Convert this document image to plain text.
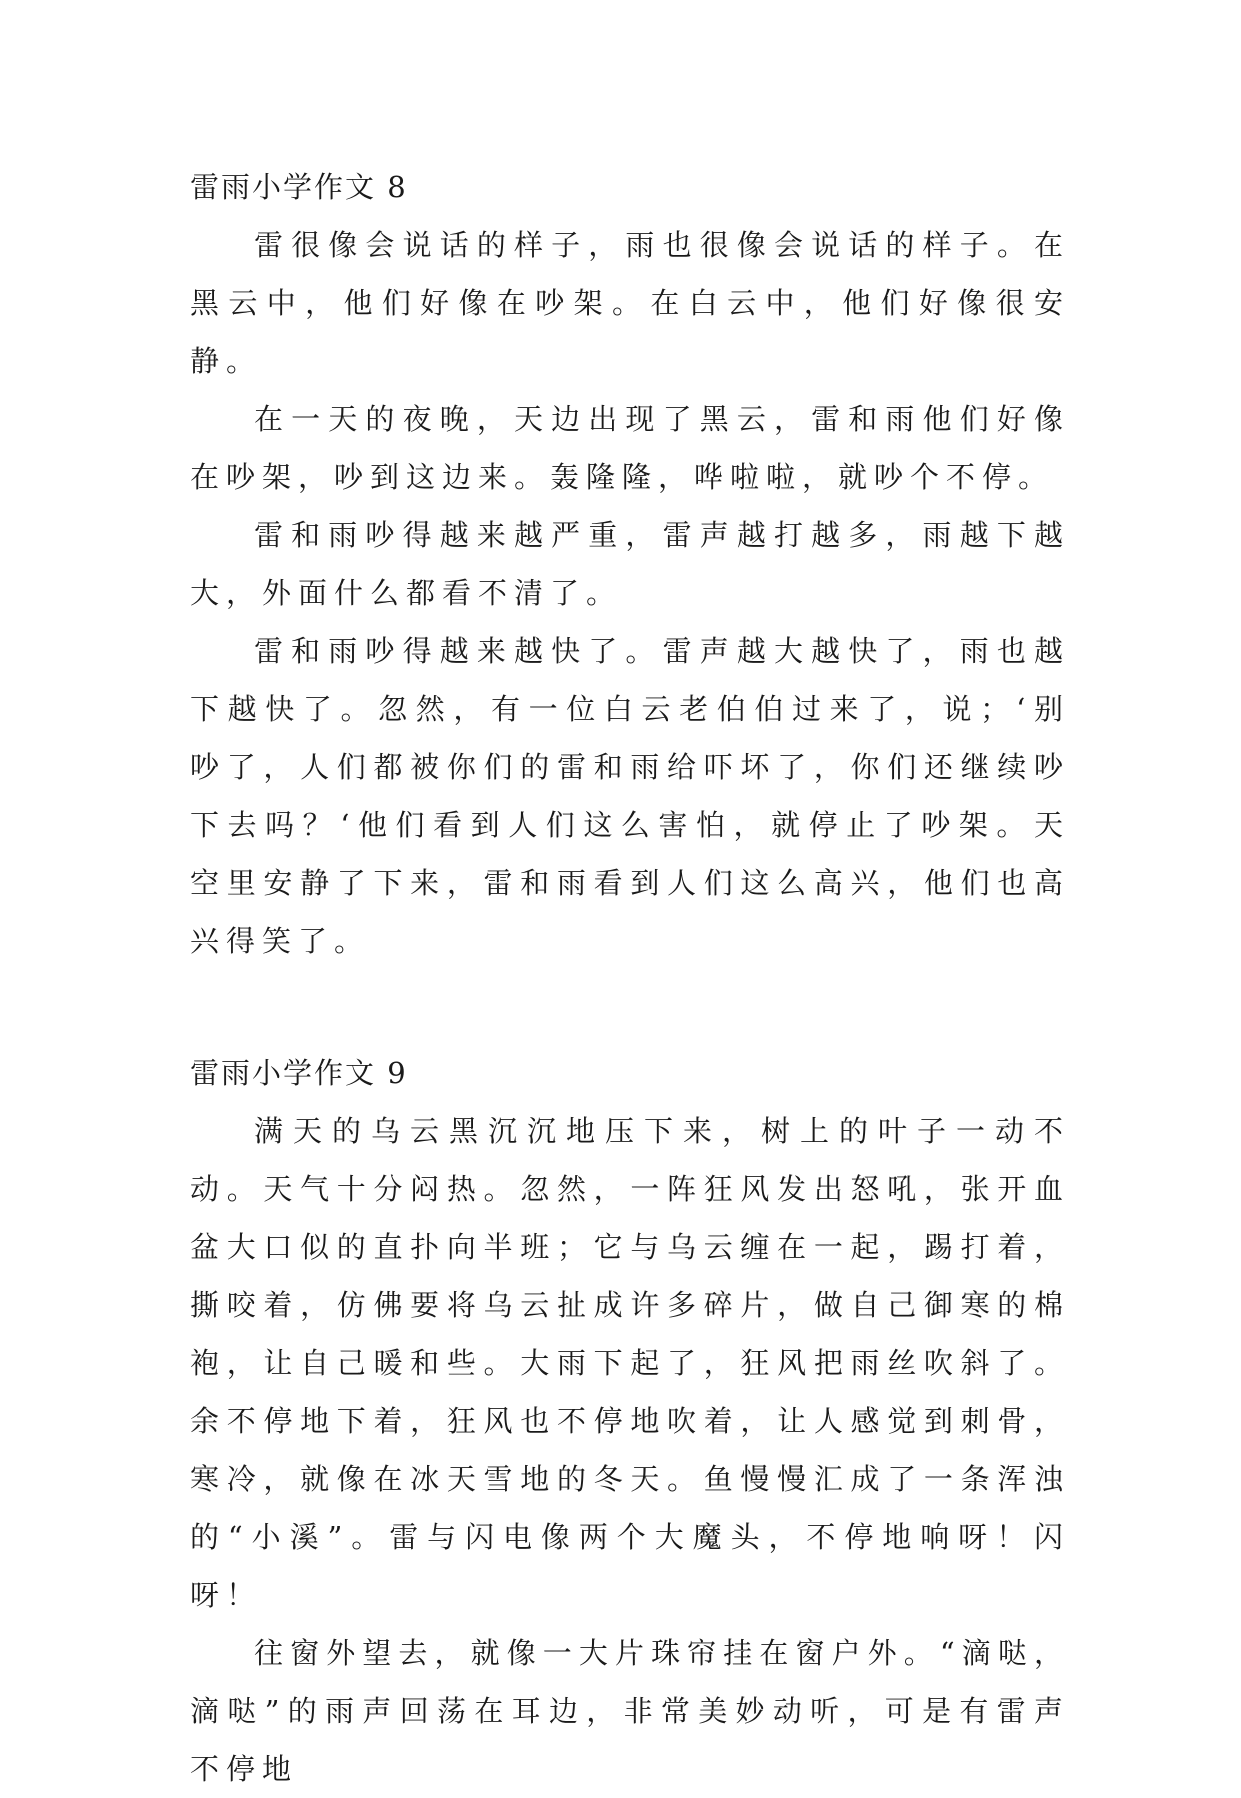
雷雨小学作文 8

雷很像会说话的样子，雨也很像会说话的样子。在黑云中，他们好像在吵架。在白云中，他们好像很安静。

在一天的夜晚，天边出现了黑云，雷和雨他们好像在吵架，吵到这边来。轰隆隆，哗啦啦，就吵个不停。

雷和雨吵得越来越严重，雷声越打越多，雨越下越大，外面什么都看不清了。

雷和雨吵得越来越快了。雷声越大越快了，雨也越下越快了。忽然，有一位白云老伯伯过来了，说；‘别吵了，人们都被你们的雷和雨给吓坏了，你们还继续吵下去吗？‘他们看到人们这么害怕，就停止了吵架。天空里安静了下来，雷和雨看到人们这么高兴，他们也高兴得笑了。

雷雨小学作文 9

满天的乌云黑沉沉地压下来，树上的叶子一动不动。天气十分闷热。忽然，一阵狂风发出怒吼，张开血盆大口似的直扑向半班；它与乌云缠在一起，踢打着，撕咬着，仿佛要将乌云扯成许多碎片，做自己御寒的棉袍，让自己暖和些。大雨下起了，狂风把雨丝吹斜了。余不停地下着，狂风也不停地吹着，让人感觉到刺骨，寒冷，就像在冰天雪地的冬天。鱼慢慢汇成了一条浑浊的“小溪”。雷与闪电像两个大魔头，不停地响呀！闪呀！

往窗外望去，就像一大片珠帘挂在窗户外。“滴哒，滴哒”的雨声回荡在耳边，非常美妙动听，可是有雷声不停地
